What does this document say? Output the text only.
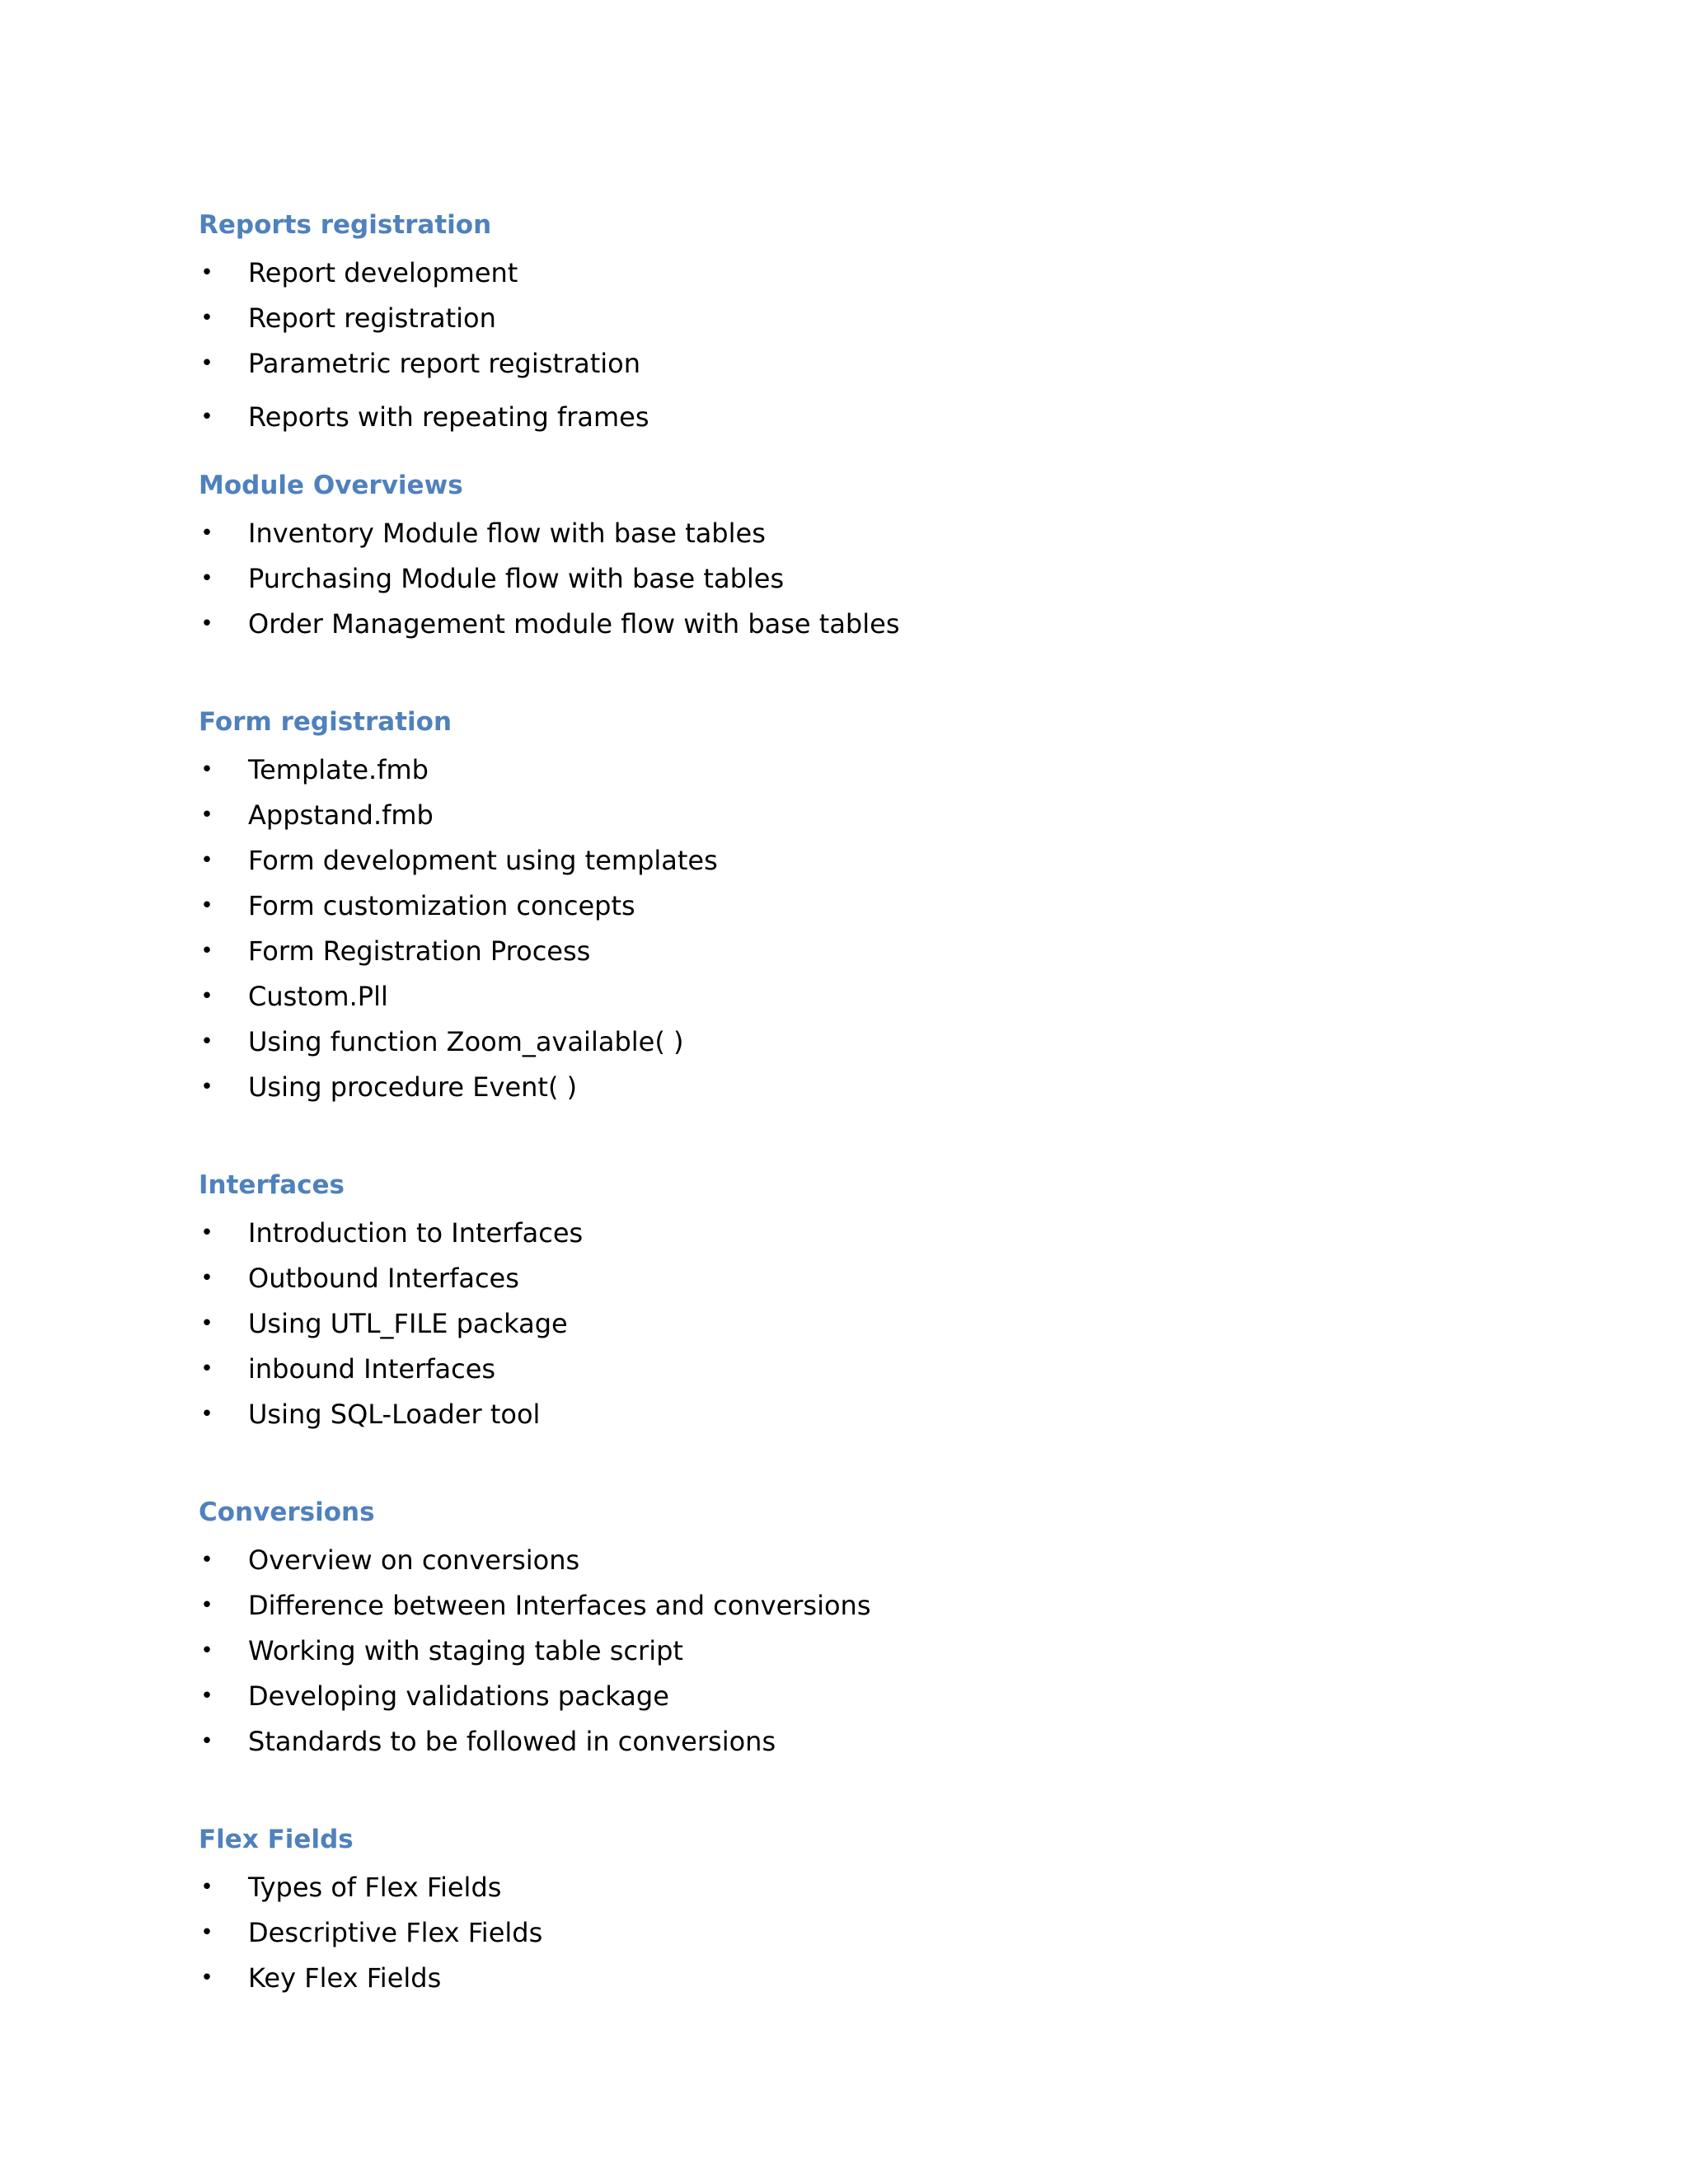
Reports registration
• Report development
• Report registration
• Parametric report registration
• Reports with repeating frames
Module Overviews
• Inventory Module flow with base tables
• Purchasing Module flow with base tables
• Order Management module flow with base tables
Form registration
• Template.fmb
• Appstand.fmb
• Form development using templates
• Form customization concepts
• Form Registration Process
• Custom.Pll
• Using function Zoom_available( )
• Using procedure Event( )
Interfaces
• Introduction to Interfaces
• Outbound Interfaces
• Using UTL_FILE package
• inbound Interfaces
• Using SQL-Loader tool
Conversions
• Overview on conversions
• Difference between Interfaces and conversions
• Working with staging table script
• Developing validations package
• Standards to be followed in conversions
Flex Fields
• Types of Flex Fields
• Descriptive Flex Fields
• Key Flex Fields
